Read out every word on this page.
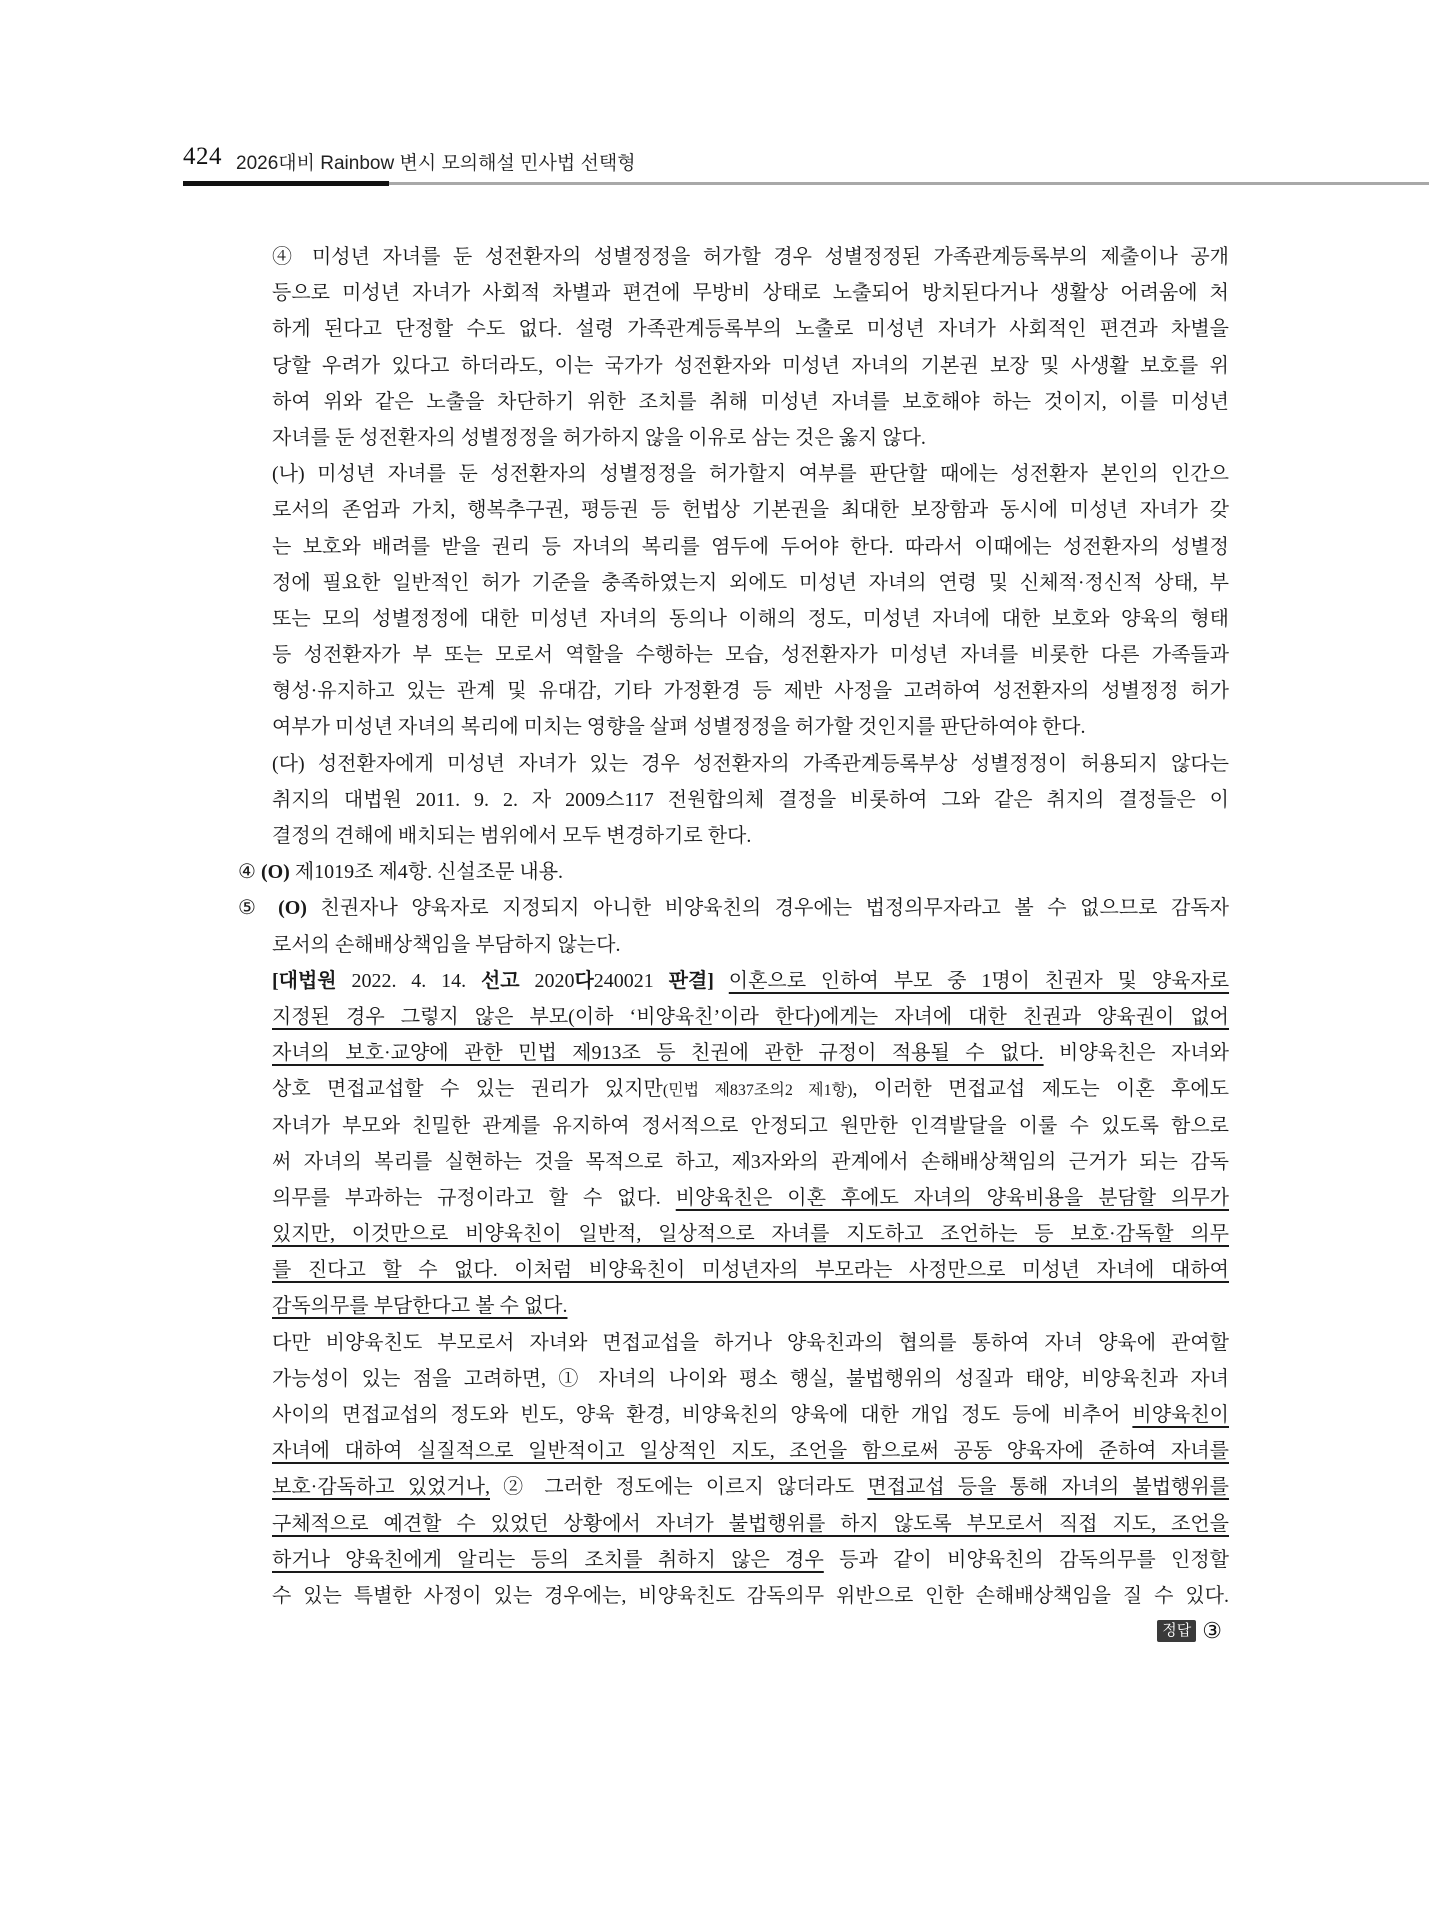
424 2026대비 Rainbow 변시 모의해설 민사법 선택형
④ 미성년 자녀를 둔 성전환자의 성별정정을 허가할 경우 성별정정된 가족관계등록부의 제출이나 공개
등으로 미성년 자녀가 사회적 차별과 편견에 무방비 상태로 노출되어 방치된다거나 생활상 어려움에 처
하게 된다고 단정할 수도 없다. 설령 가족관계등록부의 노출로 미성년 자녀가 사회적인 편견과 차별을
당할 우려가 있다고 하더라도, 이는 국가가 성전환자와 미성년 자녀의 기본권 보장 및 사생활 보호를 위
하여 위와 같은 노출을 차단하기 위한 조치를 취해 미성년 자녀를 보호해야 하는 것이지, 이를 미성년
자녀를 둔 성전환자의 성별정정을 허가하지 않을 이유로 삼는 것은 옳지 않다.
(나) 미성년 자녀를 둔 성전환자의 성별정정을 허가할지 여부를 판단할 때에는 성전환자 본인의 인간으
로서의 존엄과 가치, 행복추구권, 평등권 등 헌법상 기본권을 최대한 보장함과 동시에 미성년 자녀가 갖
는 보호와 배려를 받을 권리 등 자녀의 복리를 염두에 두어야 한다. 따라서 이때에는 성전환자의 성별정
정에 필요한 일반적인 허가 기준을 충족하였는지 외에도 미성년 자녀의 연령 및 신체적·정신적 상태, 부
또는 모의 성별정정에 대한 미성년 자녀의 동의나 이해의 정도, 미성년 자녀에 대한 보호와 양육의 형태
등 성전환자가 부 또는 모로서 역할을 수행하는 모습, 성전환자가 미성년 자녀를 비롯한 다른 가족들과
형성·유지하고 있는 관계 및 유대감, 기타 가정환경 등 제반 사정을 고려하여 성전환자의 성별정정 허가
여부가 미성년 자녀의 복리에 미치는 영향을 살펴 성별정정을 허가할 것인지를 판단하여야 한다.
(다) 성전환자에게 미성년 자녀가 있는 경우 성전환자의 가족관계등록부상 성별정정이 허용되지 않다는
취지의 대법원 2011. 9. 2. 자 2009스117 전원합의체 결정을 비롯하여 그와 같은 취지의 결정들은 이
결정의 견해에 배치되는 범위에서 모두 변경하기로 한다.
④ (O) 제1019조 제4항. 신설조문 내용.
⑤ (O) 친권자나 양육자로 지정되지 아니한 비양육친의 경우에는 법정의무자라고 볼 수 없으므로 감독자
로서의 손해배상책임을 부담하지 않는다.
[대법원 2022. 4. 14. 선고 2020다240021 판결] 이혼으로 인하여 부모 중 1명이 친권자 및 양육자로
지정된 경우 그렇지 않은 부모(이하 ‘비양육친’이라 한다)에게는 자녀에 대한 친권과 양육권이 없어
자녀의 보호·교양에 관한 민법 제913조 등 친권에 관한 규정이 적용될 수 없다. 비양육친은 자녀와
상호 면접교섭할 수 있는 권리가 있지만(민법 제837조의2 제1항), 이러한 면접교섭 제도는 이혼 후에도
자녀가 부모와 친밀한 관계를 유지하여 정서적으로 안정되고 원만한 인격발달을 이룰 수 있도록 함으로
써 자녀의 복리를 실현하는 것을 목적으로 하고, 제3자와의 관계에서 손해배상책임의 근거가 되는 감독
의무를 부과하는 규정이라고 할 수 없다. 비양육친은 이혼 후에도 자녀의 양육비용을 분담할 의무가
있지만, 이것만으로 비양육친이 일반적, 일상적으로 자녀를 지도하고 조언하는 등 보호·감독할 의무
를 진다고 할 수 없다. 이처럼 비양육친이 미성년자의 부모라는 사정만으로 미성년 자녀에 대하여
감독의무를 부담한다고 볼 수 없다.
다만 비양육친도 부모로서 자녀와 면접교섭을 하거나 양육친과의 협의를 통하여 자녀 양육에 관여할
가능성이 있는 점을 고려하면, ① 자녀의 나이와 평소 행실, 불법행위의 성질과 태양, 비양육친과 자녀
사이의 면접교섭의 정도와 빈도, 양육 환경, 비양육친의 양육에 대한 개입 정도 등에 비추어 비양육친이
자녀에 대하여 실질적으로 일반적이고 일상적인 지도, 조언을 함으로써 공동 양육자에 준하여 자녀를
보호·감독하고 있었거나, ② 그러한 정도에는 이르지 않더라도 면접교섭 등을 통해 자녀의 불법행위를
구체적으로 예견할 수 있었던 상황에서 자녀가 불법행위를 하지 않도록 부모로서 직접 지도, 조언을
하거나 양육친에게 알리는 등의 조치를 취하지 않은 경우 등과 같이 비양육친의 감독의무를 인정할
수 있는 특별한 사정이 있는 경우에는, 비양육친도 감독의무 위반으로 인한 손해배상책임을 질 수 있다.
정답 ③
